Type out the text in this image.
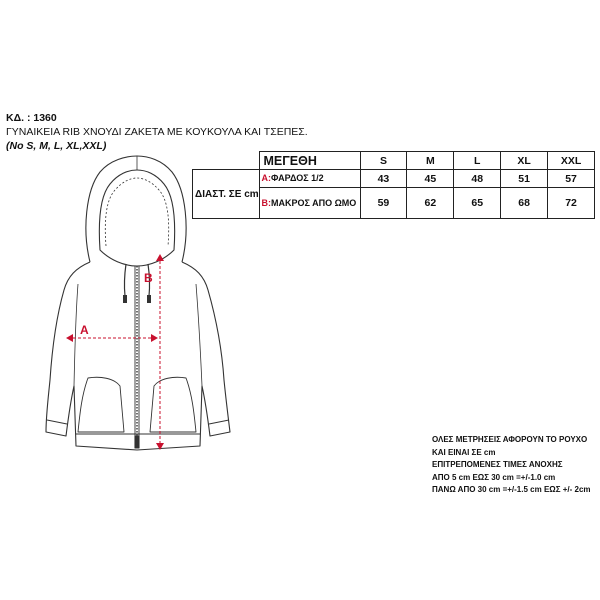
ΚΔ. : 1360
ΓΥΝΑΙΚΕΙΑ RIB ΧΝΟΥΔΙ ΖΑΚΕΤΑ ΜΕ ΚΟΥΚΟΥΛΑ ΚΑΙ ΤΣΕΠΕΣ.
(No S, M, L, XL,XXL)
A
B
	ΜΕΓΕΘΗ	S	M	L	XL	XXL
ΔΙΑΣΤ. ΣΕ cm	A:ΦΑΡΔΟΣ 1/2	43	45	48	51	57
	B:ΜΑΚΡΟΣ ΑΠΟ ΩΜΟ	59	62	65	68	72
ΟΛΕΣ ΜΕΤΡΗΣΕΙΣ ΑΦΟΡΟΥΝ ΤΟ ΡΟΥΧΟ
ΚΑΙ ΕΙΝΑΙ ΣΕ cm
ΕΠΙΤΡΕΠΟΜΕΝΕΣ ΤΙΜΕΣ ΑΝΟΧΗΣ
ΑΠΟ 5 cm ΕΩΣ 30 cm =+/-1.0 cm
ΠΑΝΩ ΑΠΟ 30 cm =+/-1.5 cm ΕΩΣ +/- 2cm
